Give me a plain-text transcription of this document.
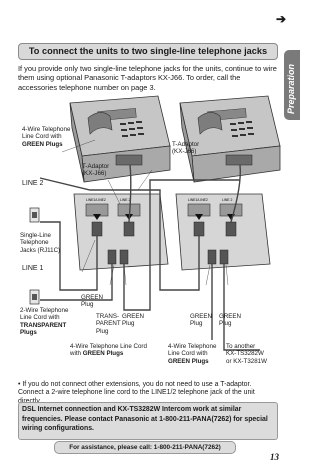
➔
Preparation
To connect the units to two single-line telephone jacks
If you provide only two single-line telephone jacks for the units, continue to wire them using optional Panasonic T-adaptors KX-J66. To order, call the accessories telephone number on page 3.
LINE1/LINE2	LINE 2	LINE1/LINE2	LINE 2
4-Wire Telephone
Line Cord with
GREEN Plugs	T-Adaptor
(KX-J66)
T-Adaptor
(KX-J66)
LINE 2
Single-Line
Telephone
Jacks (RJ11C)
LINE 1
2-Wire Telephone
Line Cord with
TRANSPARENT
Plugs
GREEN
Plug
TRANS-
PARENT
Plug
GREEN
Plug
GREEN
Plug
GREEN
Plug
To another
KX-TS3282W
or KX-T3281W
4-Wire Telephone Line Cord
with GREEN Plugs
4-Wire Telephone
Line Cord with
GREEN Plugs
• If you do not connect other extensions, you do not need to use a T-adaptor. Connect a 2-wire telephone line cord to the LINE1/2 telephone jack of the unit
DSL Internet connection and KX-TS3282W Intercom work at similar frequencies. Please contact Panasonic at 1-800-211-PANA(7262) for special wiring configurations.
For assistance, please call: 1-800-211-PANA(7262)
13
